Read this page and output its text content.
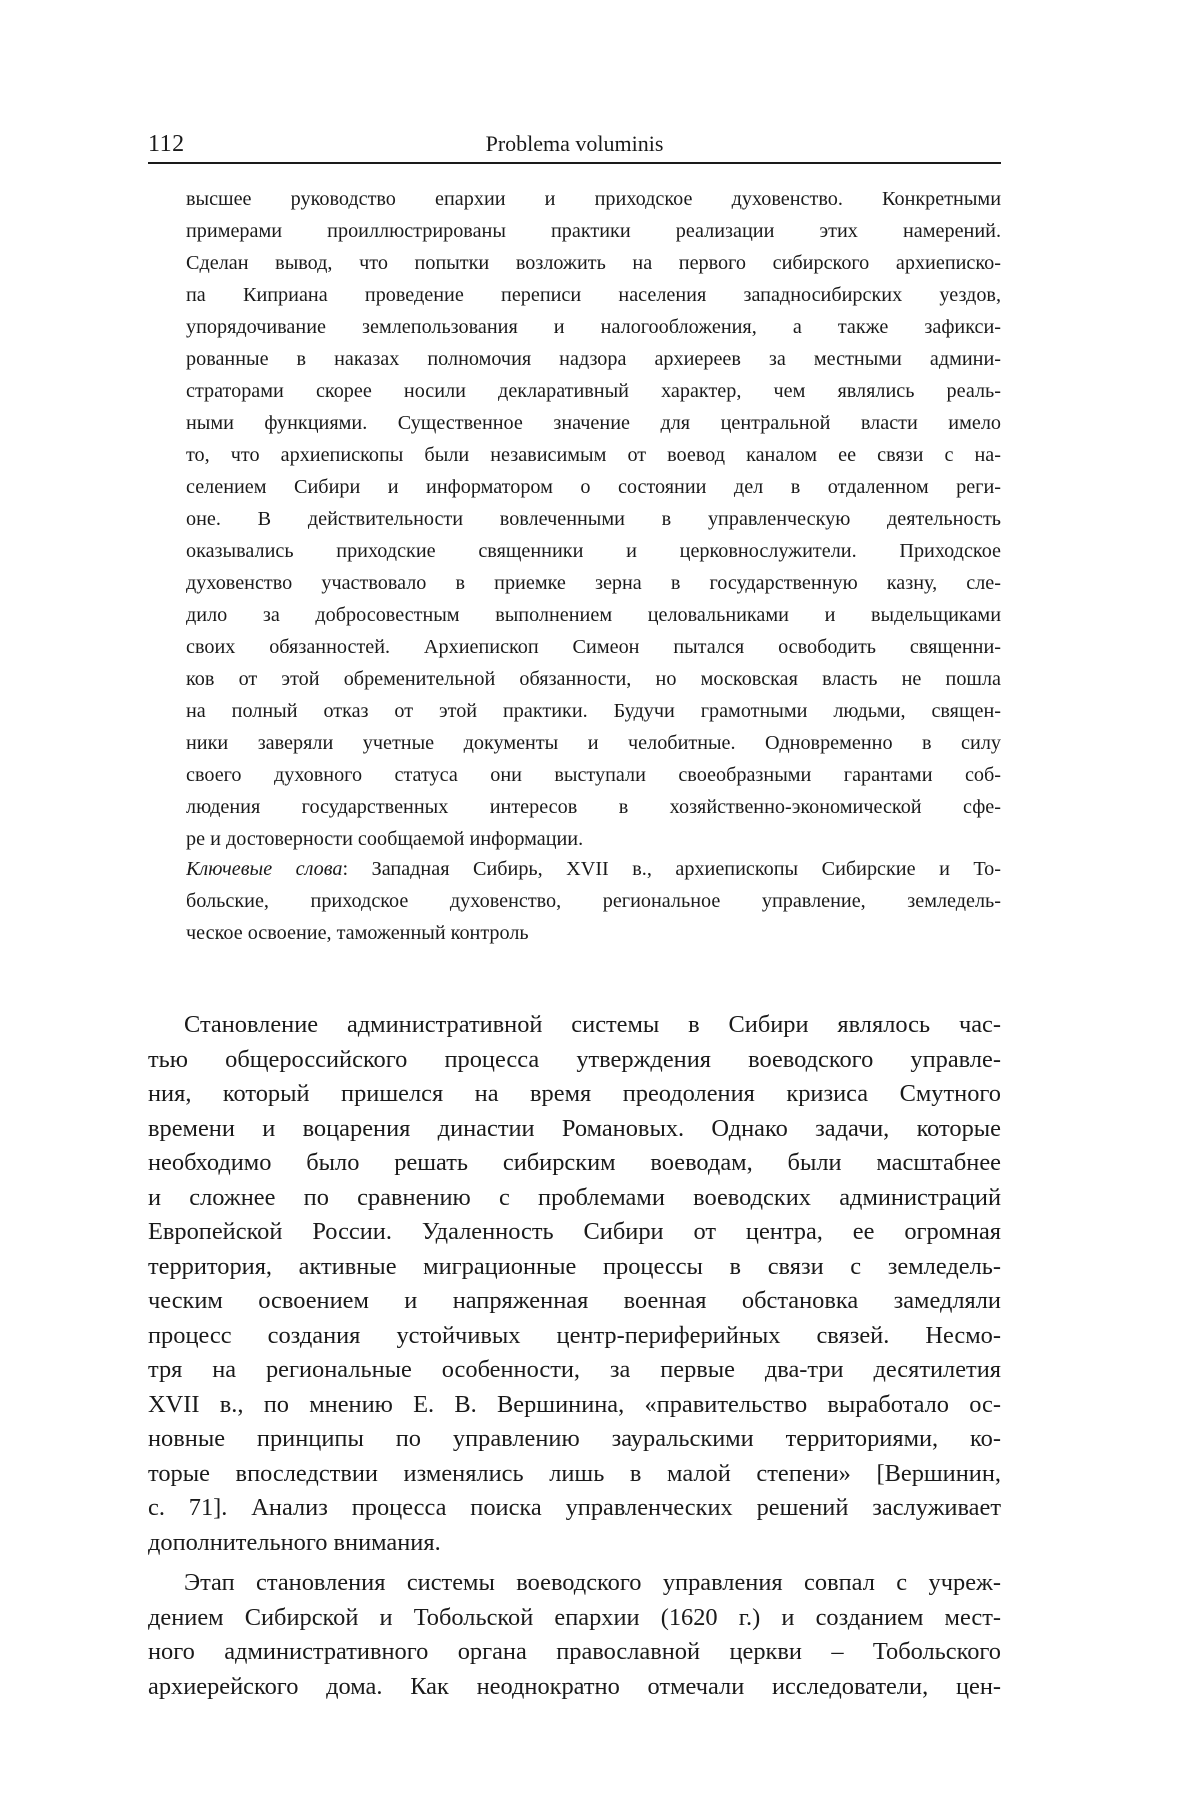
112	Problema voluminis
высшее руководство епархии и приходское духовенство. Конкретными
примерами проиллюстрированы практики реализации этих намерений.
Сделан вывод, что попытки возложить на первого сибирского архиеписко-
па Киприана проведение переписи населения западносибирских уездов,
упорядочивание землепользования и налогообложения, а также зафикси-
рованные в наказах полномочия надзора архиереев за местными админи-
страторами скорее носили декларативный характер, чем являлись реаль-
ными функциями. Существенное значение для центральной власти имело
то, что архиепископы были независимым от воевод каналом ее связи с на-
селением Сибири и информатором о состоянии дел в отдаленном реги-
оне. В действительности вовлеченными в управленческую деятельность
оказывались приходские священники и церковнослужители. Приходское
духовенство участвовало в приемке зерна в государственную казну, сле-
дило за добросовестным выполнением целовальниками и выдельщиками
своих обязанностей. Архиепископ Симеон пытался освободить священни-
ков от этой обременительной обязанности, но московская власть не пошла
на полный отказ от этой практики. Будучи грамотными людьми, священ-
ники заверяли учетные документы и челобитные. Одновременно в силу
своего духовного статуса они выступали своеобразными гарантами соб-
людения государственных интересов в хозяйственно-экономической сфе-
ре и достоверности сообщаемой информации.
Ключевые слова: Западная Сибирь, XVII в., архиепископы Сибирские и То-
больские, приходское духовенство, региональное управление, земледель-
ческое освоение, таможенный контроль
Становление административной системы в Сибири являлось час-
тью общероссийского процесса утверждения воеводского управле-
ния, который пришелся на время преодоления кризиса Смутного
времени и воцарения династии Романовых. Однако задачи, которые
необходимо было решать сибирским воеводам, были масштабнее
и сложнее по сравнению с проблемами воеводских администраций
Европейской России. Удаленность Сибири от центра, ее огромная
территория, активные миграционные процессы в связи с земледель-
ческим освоением и напряженная военная обстановка замедляли
процесс создания устойчивых центр-периферийных связей. Несмо-
тря на региональные особенности, за первые два-три десятилетия
XVII в., по мнению Е. В. Вершинина, «правительство выработало ос-
новные принципы по управлению зауральскими территориями, ко-
торые впоследствии изменялись лишь в малой степени» [Вершинин,
с. 71]. Анализ процесса поиска управленческих решений заслуживает
дополнительного внимания.
Этап становления системы воеводского управления совпал с учреж-
дением Сибирской и Тобольской епархии (1620 г.) и созданием мест-
ного административного органа православной церкви – Тобольского
архиерейского дома. Как неоднократно отмечали исследователи, цен-
